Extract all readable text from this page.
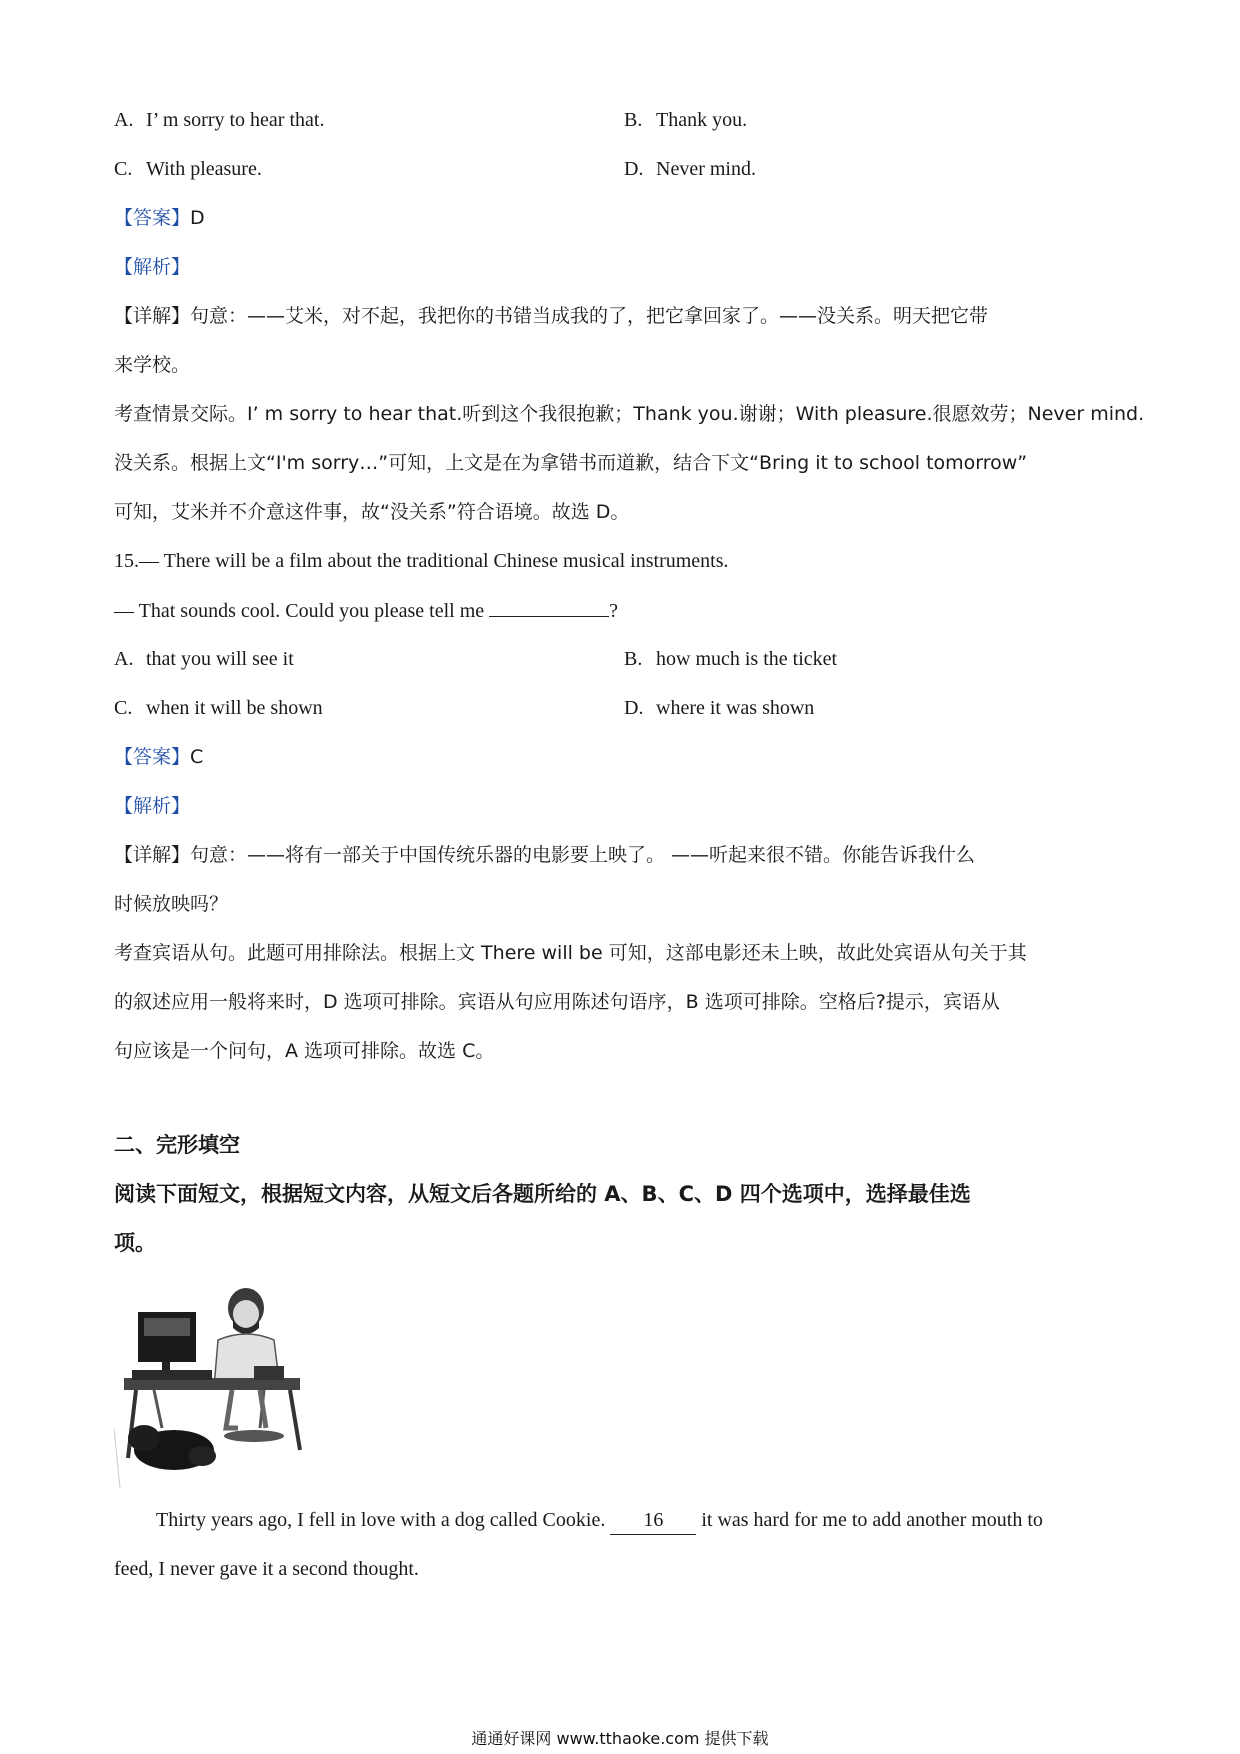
A. I’ m sorry to hear that.	B. Thank you.
C. With pleasure.	D. Never mind.
【答案】D
【解析】
【详解】句意：——艾米，对不起，我把你的书错当成我的了，把它拿回家了。——没关系。明天把它带
来学校。
考查情景交际。I’ m sorry to hear that.听到这个我很抱歉；Thank you.谢谢；With pleasure.很愿效劳；Never mind.
没关系。根据上文“I'm sorry…”可知，上文是在为拿错书而道歉，结合下文“Bring it to school tomorrow”
可知，艾米并不介意这件事，故“没关系”符合语境。故选 D。
15.— There will be a film about the traditional Chinese musical instruments.
— That sounds cool. Could you please tell me	?
A. that you will see it	B. how much is the ticket
C. when it will be shown	D. where it was shown
【答案】C
【解析】
【详解】句意：——将有一部关于中国传统乐器的电影要上映了。 ——听起来很不错。你能告诉我什么
时候放映吗？
考查宾语从句。此题可用排除法。根据上文 There will be 可知，这部电影还未上映，故此处宾语从句关于其
的叙述应用一般将来时，D 选项可排除。宾语从句应用陈述句语序，B 选项可排除。空格后?提示，宾语从
句应该是一个问句，A 选项可排除。故选 C。
二、完形填空
阅读下面短文，根据短文内容，从短文后各题所给的 A、B、C、D 四个选项中，选择最佳选
项。
Thirty years ago, I fell in love with a dog called Cookie. 16 it was hard for me to add another mouth to
feed, I never gave it a second thought.
通通好课网 www.tthaoke.com 提供下载
